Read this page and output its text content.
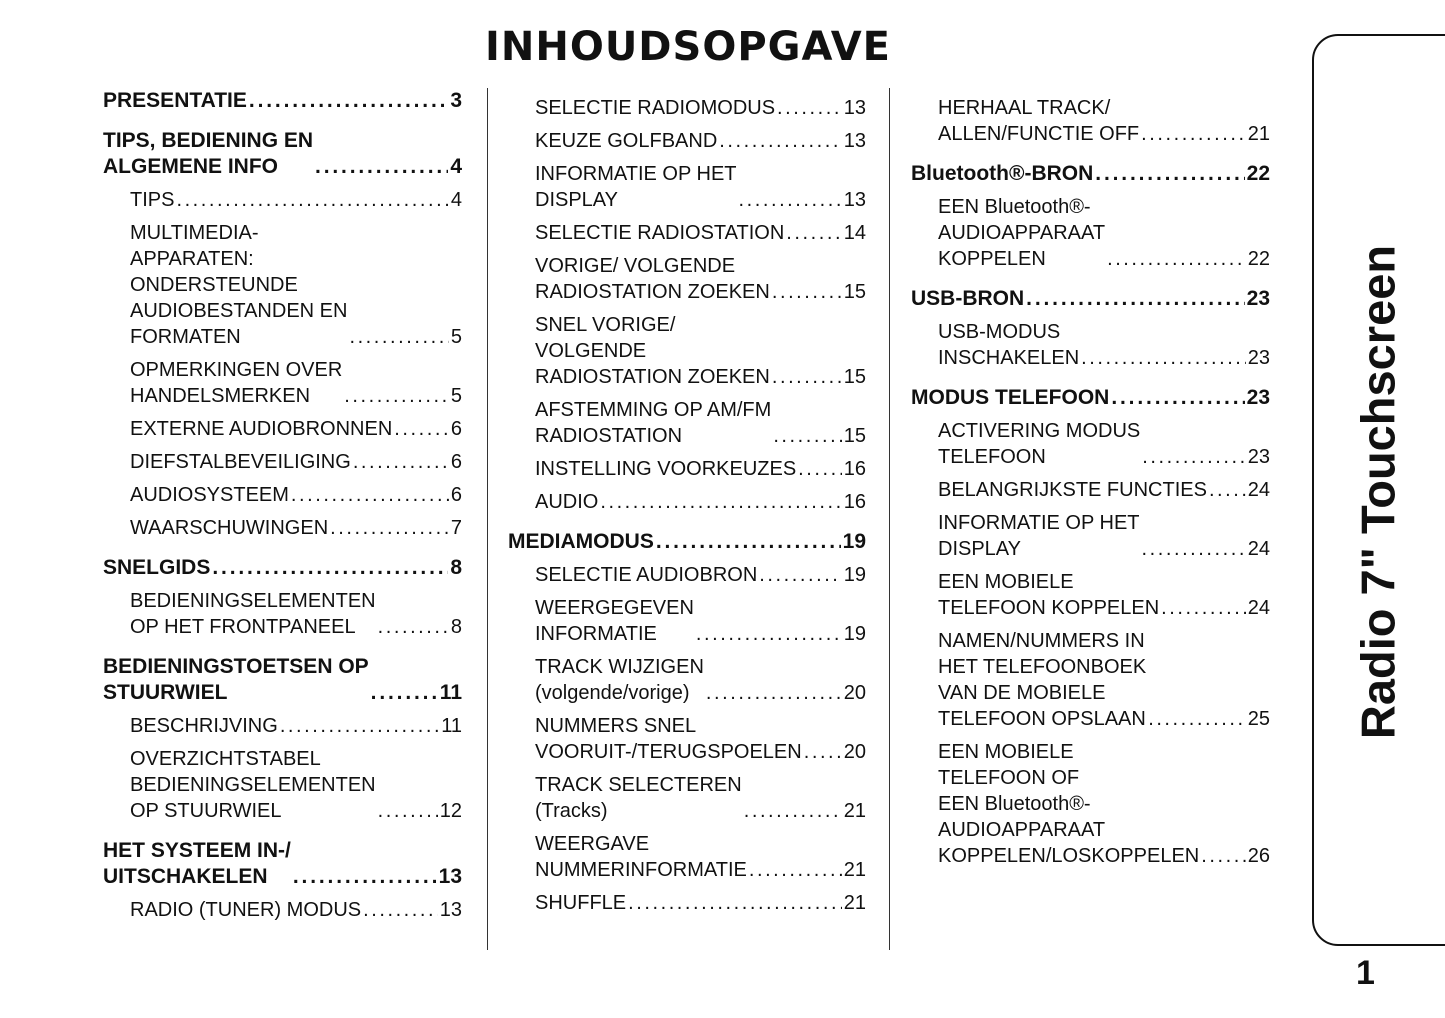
INHOUDSOPGAVE
PRESENTATIE . . .	3
TIPS, BEDIENING EN
ALGEMENE INFO . . .	4
TIPS . . .	4
MULTIMEDIA-
APPARATEN:
ONDERSTEUNDE
AUDIOBESTANDEN EN
FORMATEN . . .	5
OPMERKINGEN OVER
HANDELSMERKEN . . .	5
EXTERNE AUDIOBRONNEN . . .	6
DIEFSTALBEVEILIGING . . .	6
AUDIOSYSTEEM . . .	6
WAARSCHUWINGEN . . .	7
SNELGIDS . . .	8
BEDIENINGSELEMENTEN
OP HET FRONTPANEEL . . .	8
BEDIENINGSTOETSEN OP
STUURWIEL . . .	11
BESCHRIJVING . . .	11
OVERZICHTSTABEL
BEDIENINGSELEMENTEN
OP STUURWIEL . . .	12
HET SYSTEEM IN-/
UITSCHAKELEN . . .	13
RADIO (TUNER) MODUS . . .	13
SELECTIE RADIOMODUS . . .	13
KEUZE GOLFBAND . . .	13
INFORMATIE OP HET
DISPLAY . . .	13
SELECTIE RADIOSTATION . . .	14
VORIGE/ VOLGENDE
RADIOSTATION ZOEKEN . . .	15
SNEL VORIGE/
VOLGENDE
RADIOSTATION ZOEKEN . . .	15
AFSTEMMING OP AM/FM
RADIOSTATION . . .	15
INSTELLING VOORKEUZES . . . 16
AUDIO . . .	16
MEDIAMODUS . . .	19
SELECTIE AUDIOBRON . . .	19
WEERGEGEVEN
INFORMATIE . . .	19
TRACK WIJZIGEN
(volgende/vorige) . . .	20
NUMMERS SNEL
VOORUIT-/TERUGSPOELEN . . . 20
TRACK SELECTEREN
(Tracks) . . .	21
WEERGAVE
NUMMERINFORMATIE . . .	21
SHUFFLE . . .	21
HERHAAL TRACK/
ALLEN/FUNCTIE OFF . . .	21
Bluetooth®-BRON . . .	22
EEN Bluetooth®-
AUDIOAPPARAAT
KOPPELEN . . .	22
USB-BRON . . .	23
USB-MODUS
INSCHAKELEN . . .	23
MODUS TELEFOON . . .	23
ACTIVERING MODUS
TELEFOON . . .	23
BELANGRIJKSTE FUNCTIES . . . 24
INFORMATIE OP HET
DISPLAY . . .	24
EEN MOBIELE
TELEFOON KOPPELEN . . .	24
NAMEN/NUMMERS IN
HET TELEFOONBOEK
VAN DE MOBIELE
TELEFOON OPSLAAN . . .	25
EEN MOBIELE
TELEFOON OF
EEN Bluetooth®-
AUDIOAPPARAAT
KOPPELEN/LOSKOPPELEN . . . 26
Radio 7" Touchscreen
1
